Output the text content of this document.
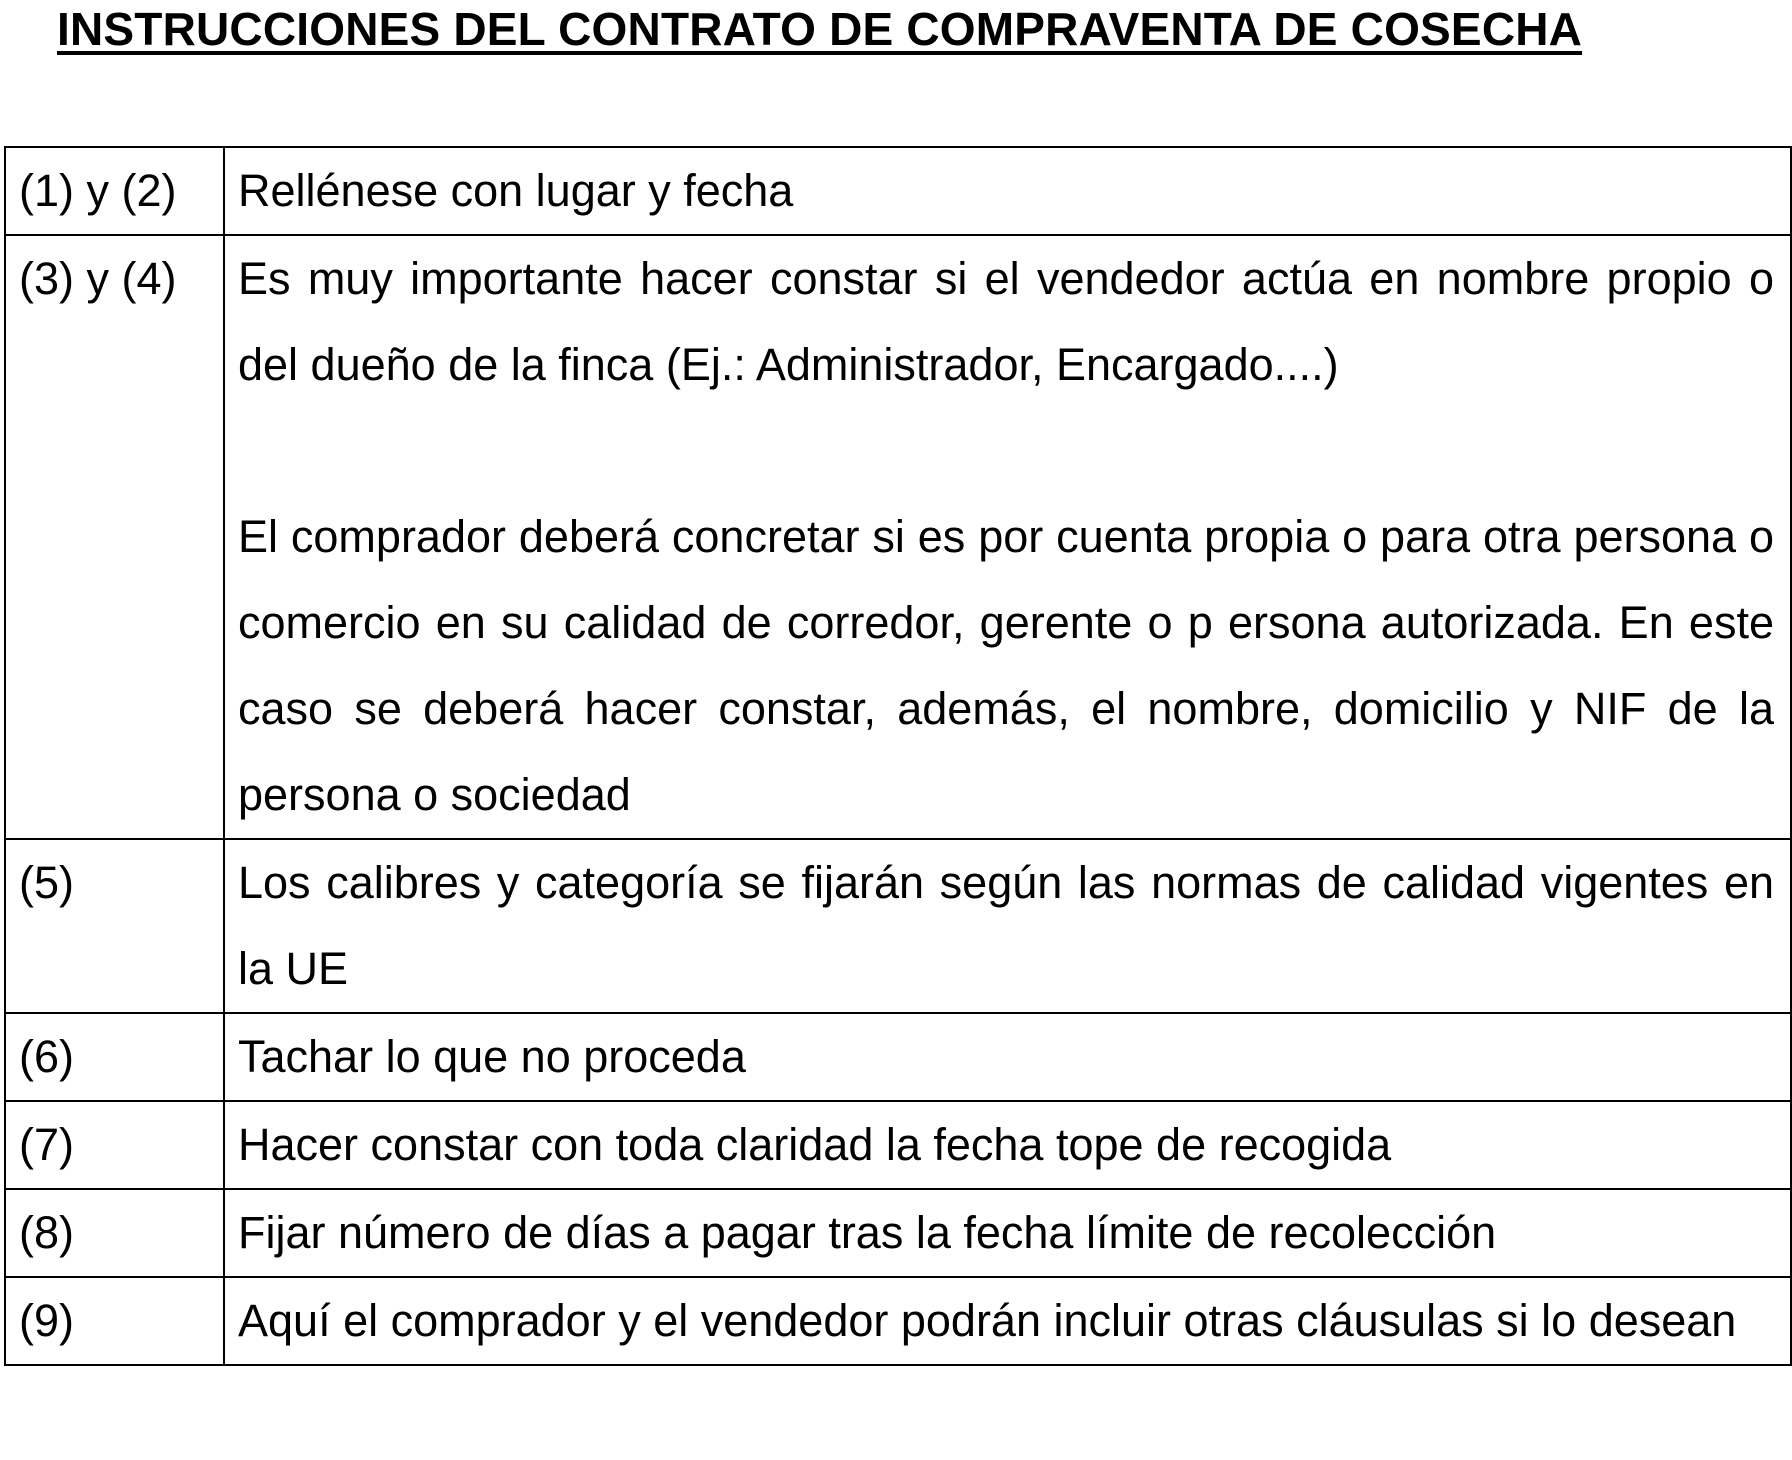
INSTRUCCIONES DEL CONTRATO DE COMPRAVENTA DE COSECHA
(1) y (2)	Rellénese con lugar y fecha

(3) y (4)	Es muy importante hacer constar si el vendedor actúa en nombre propio o del dueño de la finca (Ej.: Administrador, Encargado....)

El comprador deberá concretar si es por cuenta propia o para otra persona o comercio en su calidad de corredor, gerente o p ersona autorizada. En este caso se deberá hacer constar, además, el nombre, domicilio y NIF de la persona o sociedad

(5)	Los calibres y categoría se fijarán según las normas de calidad vigentes en la UE

(6)	Tachar lo que no proceda

(7)	Hacer constar con toda claridad la fecha tope de recogida

(8)	Fijar número de días a pagar tras la fecha límite de recolección

(9)	Aquí el comprador y el vendedor podrán incluir otras cláusulas si lo desean
